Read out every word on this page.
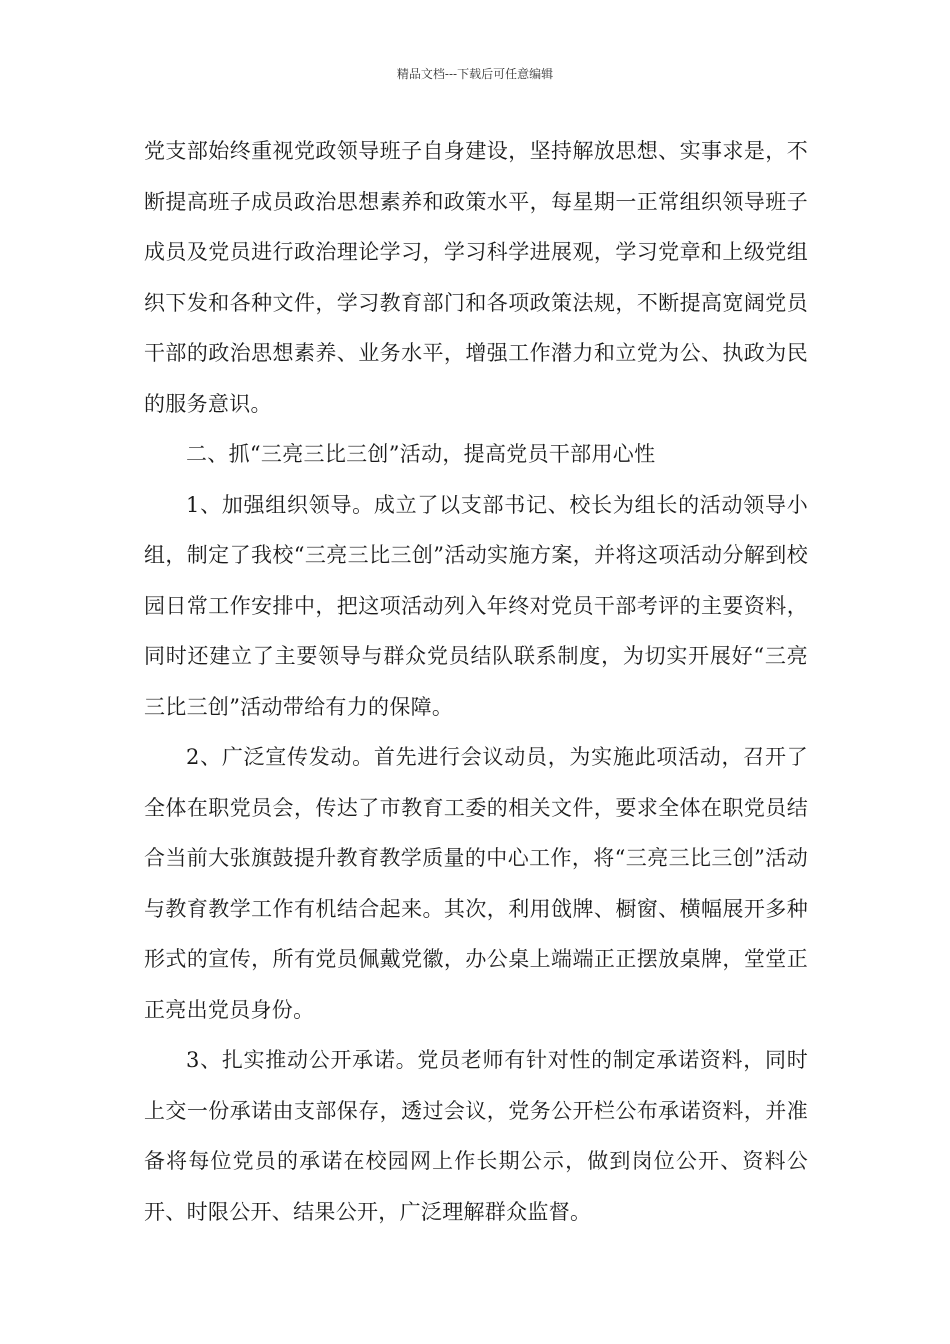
精品文档---下载后可任意编辑

党支部始终重视党政领导班子自身建设，坚持解放思想、实事求是，不断提高班子成员政治思想素养和政策水平，每星期一正常组织领导班子成员及党员进行政治理论学习，学习科学进展观，学习党章和上级党组织下发和各种文件，学习教育部门和各项政策法规，不断提高宽阔党员干部的政治思想素养、业务水平，增强工作潜力和立党为公、执政为民的服务意识。

二、抓“三亮三比三创”活动，提高党员干部用心性

1、加强组织领导。成立了以支部书记、校长为组长的活动领导小组，制定了我校“三亮三比三创”活动实施方案，并将这项活动分解到校园日常工作安排中，把这项活动列入年终对党员干部考评的主要资料，同时还建立了主要领导与群众党员结队联系制度，为切实开展好“三亮三比三创”活动带给有力的保障。

2、广泛宣传发动。首先进行会议动员，为实施此项活动，召开了全体在职党员会，传达了市教育工委的相关文件，要求全体在职党员结合当前大张旗鼓提升教育教学质量的中心工作，将“三亮三比三创”活动与教育教学工作有机结合起来。其次，利用戗牌、橱窗、横幅展开多种形式的宣传，所有党员佩戴党徽，办公桌上端端正正摆放桌牌，堂堂正正亮出党员身份。

3、扎实推动公开承诺。党员老师有针对性的制定承诺资料，同时上交一份承诺由支部保存，透过会议，党务公开栏公布承诺资料，并准备将每位党员的承诺在校园网上作长期公示，做到岗位公开、资料公开、时限公开、结果公开，广泛理解群众监督。
